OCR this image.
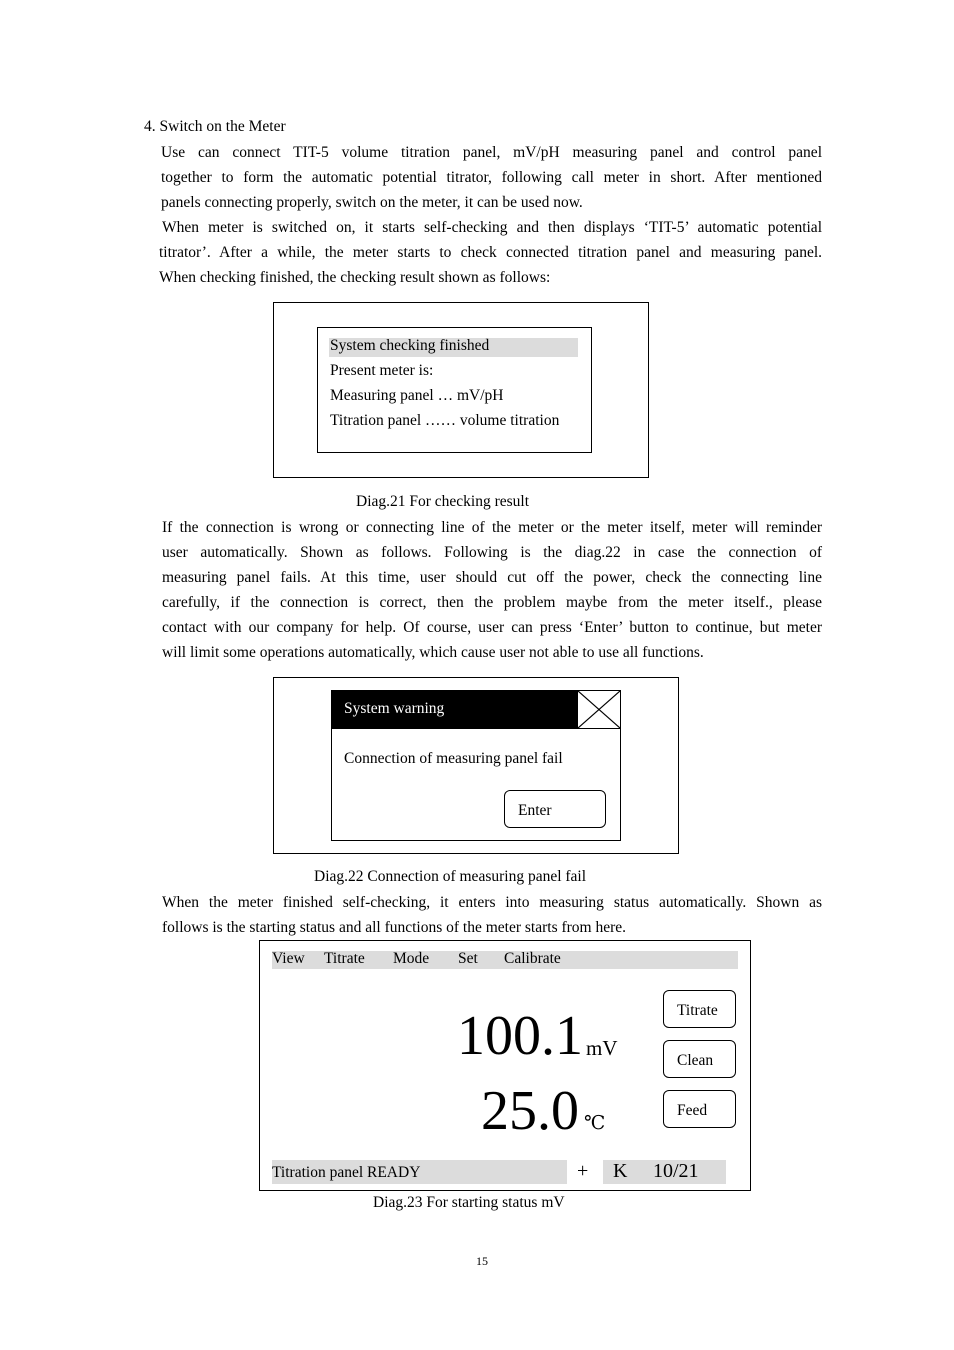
4. Switch on the Meter
Use can connect TIT-5 volume titration panel, mV/pH measuring panel and control panel
together to form the automatic potential titrator, following call meter in short. After mentioned
panels connecting properly, switch on the meter, it can be used now.
When meter is switched on, it starts self-checking and then displays ‘TIT-5’ automatic potential
titrator’. After a while, the meter starts to check connected titration panel and measuring panel.
When checking finished, the checking result shown as follows:
System checking finished
Present meter is:
Measuring panel … mV/pH
Titration panel …… volume titration
Diag.21 For checking result
If the connection is wrong or connecting line of the meter or the meter itself, meter will reminder
user automatically. Shown as follows. Following is the diag.22 in case the connection of
measuring panel fails. At this time, user should cut off the power, check the connecting line
carefully, if the connection is correct, then the problem maybe from the meter itself., please
contact with our company for help. Of course, user can press ‘Enter’ button to continue, but meter
will limit some operations automatically, which cause user not able to use all functions.
System warning
Connection of measuring panel fail
Enter
Diag.22 Connection of measuring panel fail
When the meter finished self-checking, it enters into measuring status automatically. Shown as
follows is the starting status and all functions of the meter starts from here.
View Titrate Mode Set Calibrate
100.1 mV
25.0 ℃
Titrate
Clean
Feed
Titration panel READY	+ K 10/21
Diag.23 For starting status mV
15
